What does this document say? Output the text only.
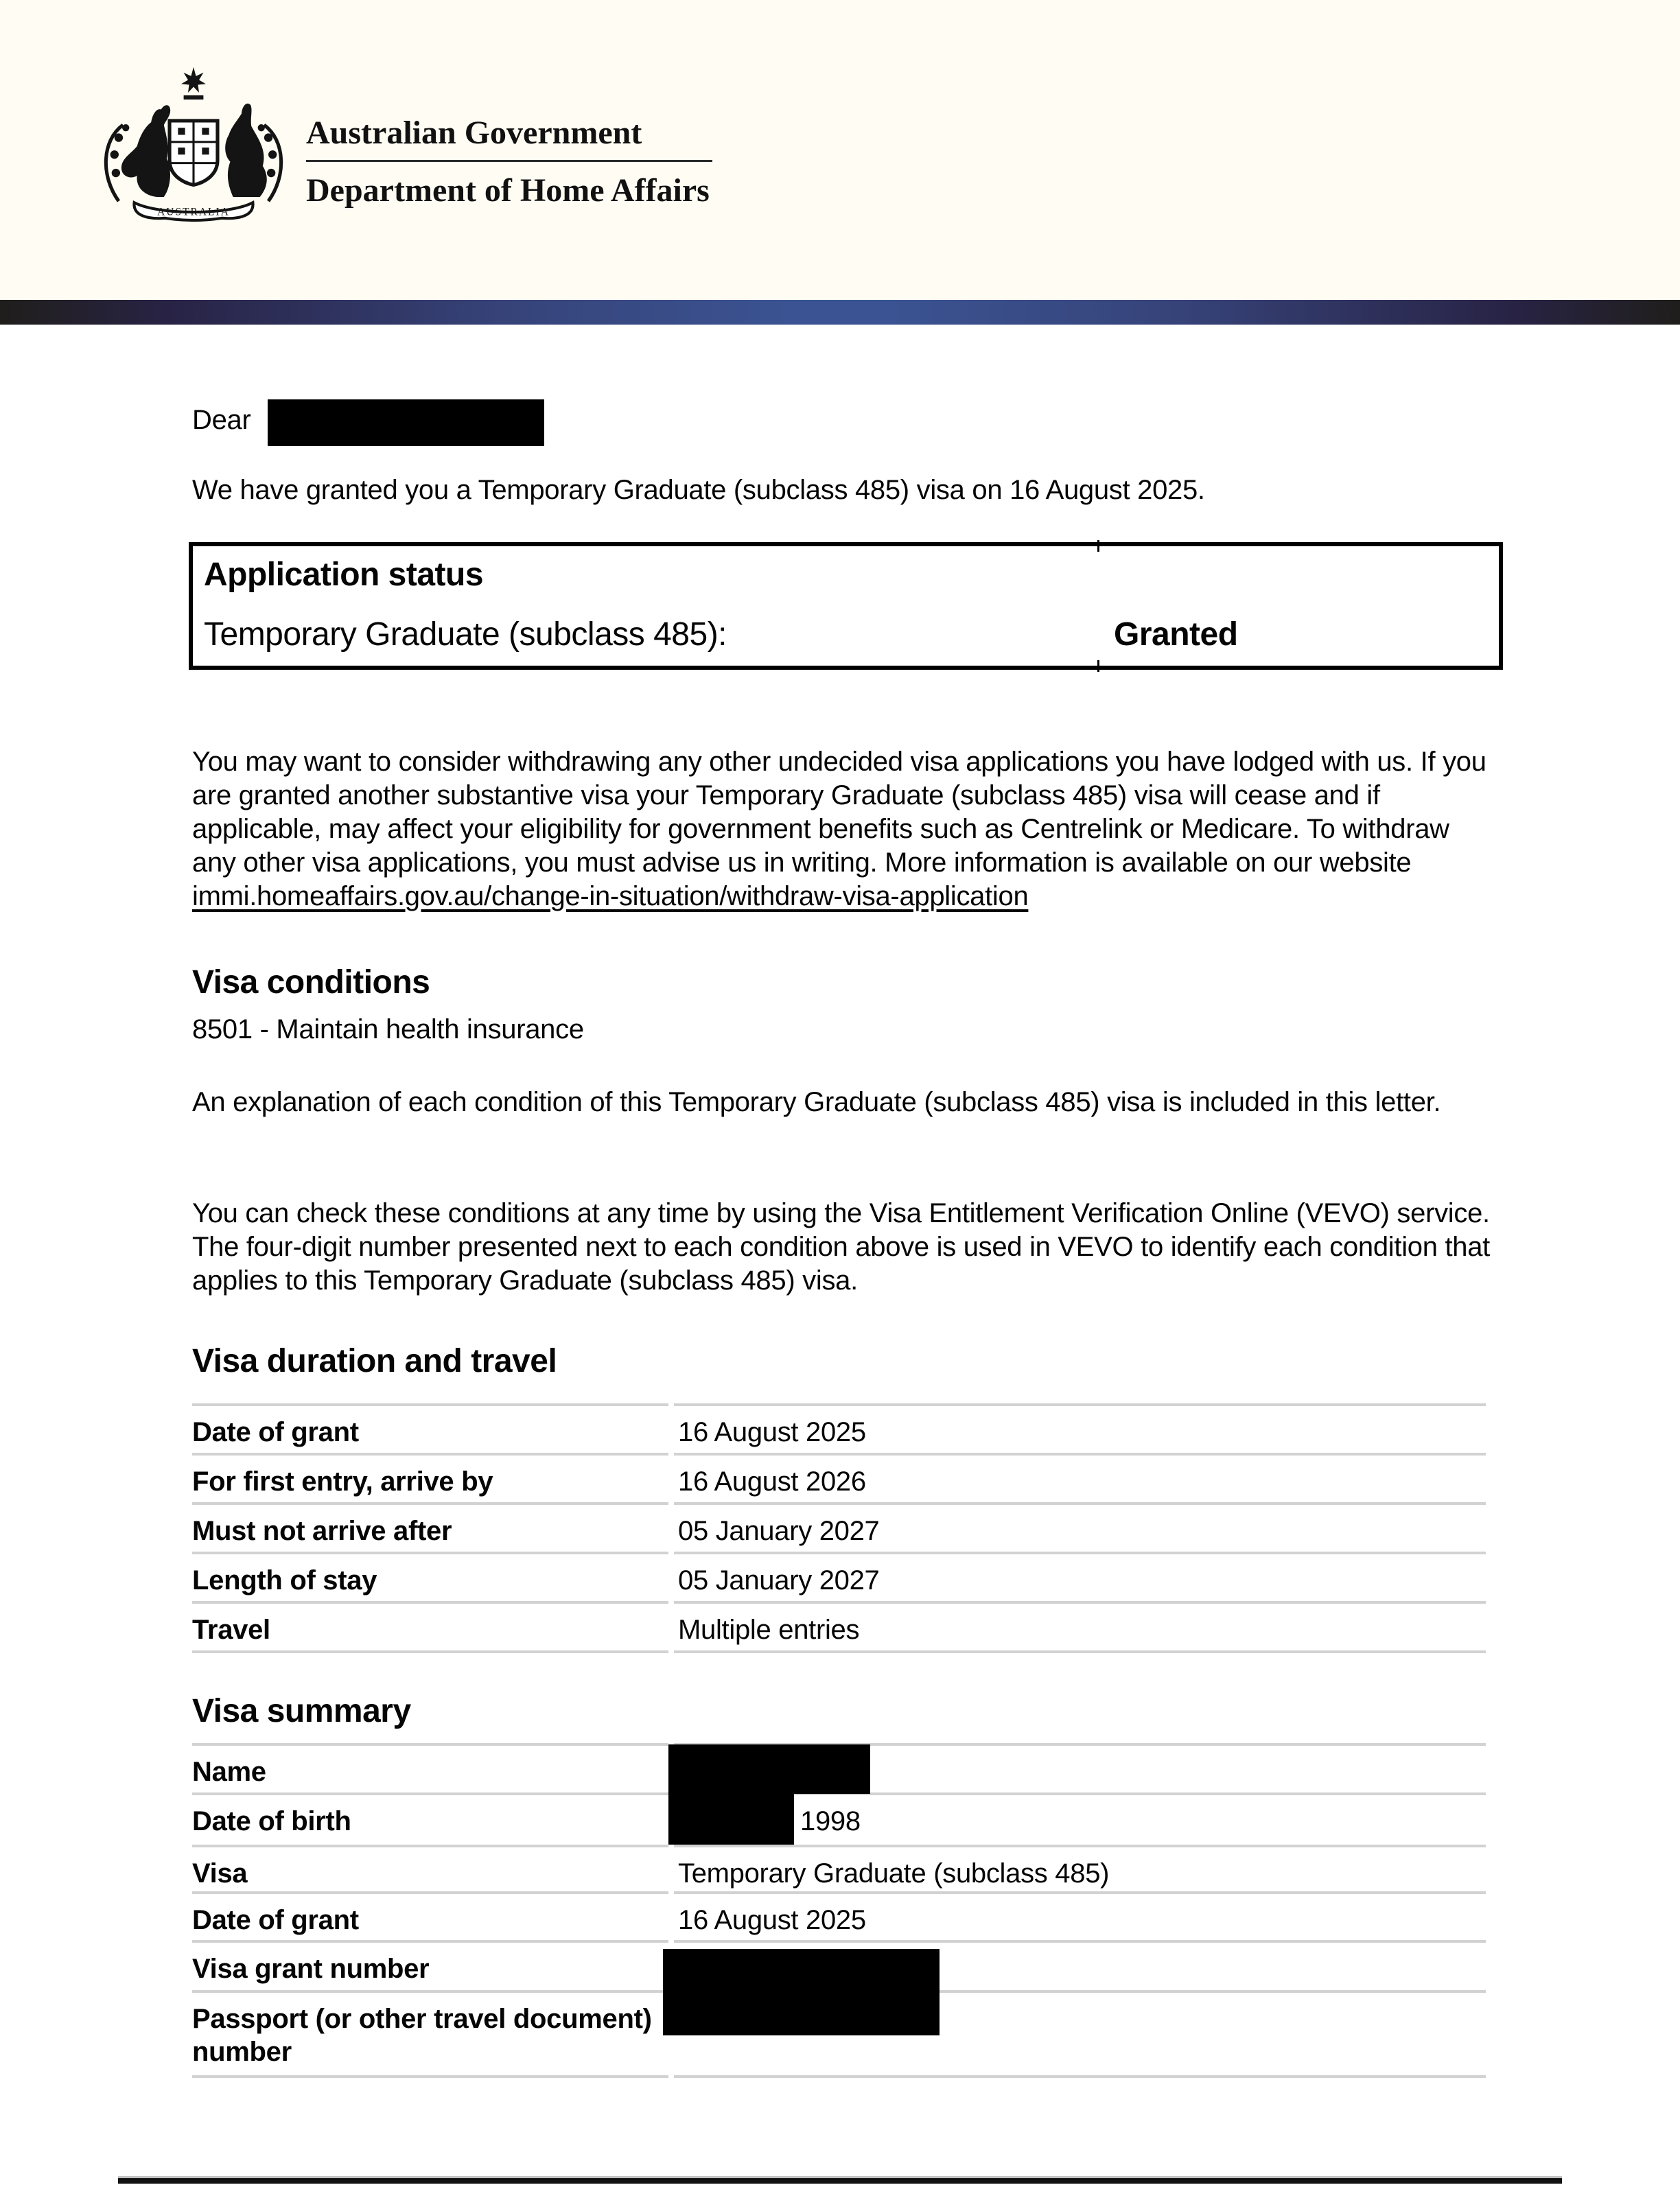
AUSTRALIA
Australian Government
Department of Home Affairs
Dear
We have granted you a Temporary Graduate (subclass 485) visa on 16 August 2025.
Application status
Temporary Graduate (subclass 485):	Granted
You may want to consider withdrawing any other undecided visa applications you have lodged with us. If you are granted another substantive visa your Temporary Graduate (subclass 485) visa will cease and if applicable, may affect your eligibility for government benefits such as Centrelink or Medicare. To withdraw any other visa applications, you must advise us in writing. More information is available on our website immi.homeaffairs.gov.au/change-in-situation/withdraw-visa-application
Visa conditions
8501 - Maintain health insurance
An explanation of each condition of this Temporary Graduate (subclass 485) visa is included in this letter.
You can check these conditions at any time by using the Visa Entitlement Verification Online (VEVO) service. The four-digit number presented next to each condition above is used in VEVO to identify each condition that applies to this Temporary Graduate (subclass 485) visa.
Visa duration and travel
Date of grant	16 August 2025
For first entry, arrive by	16 August 2026
Must not arrive after	05 January 2027
Length of stay	05 January 2027
Travel	Multiple entries
Visa summary
Name
Date of birth	1998
Visa	Temporary Graduate (subclass 485)
Date of grant	16 August 2025
Visa grant number
Passport (or other travel document) number
